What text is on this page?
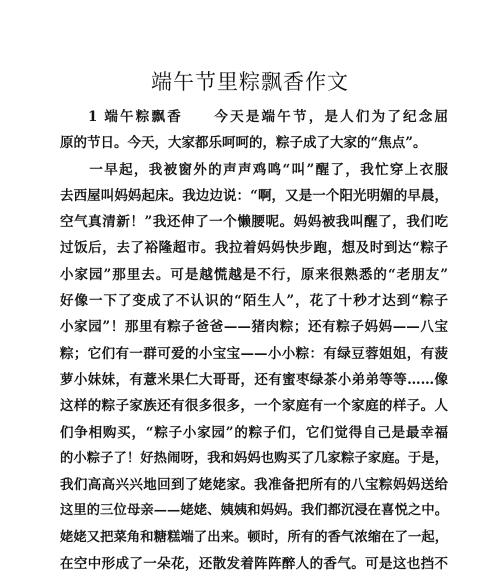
端午节里粽飘香作文
1 端午粽飘香　　今天是端午节，是人们为了纪念屈
原的节日。今天，大家都乐呵呵的，粽子成了大家的“焦点”。
一早起，我被窗外的声声鸡鸣“叫”醒了，我忙穿上衣服
去西屋叫妈妈起床。我边边说：“啊，又是一个阳光明媚的早晨，
空气真清新！”我还伸了一个懒腰呢。妈妈被我叫醒了，我们吃
过饭后，去了裕隆超市。我拉着妈妈快步跑，想及时到达“粽子
小家园”那里去。可是越慌越是不行，原来很熟悉的“老朋友”
好像一下了变成了不认识的“陌生人”，花了十秒才达到“粽子
小家园”！那里有粽子爸爸——猪肉粽；还有粽子妈妈——八宝
粽；它们有一群可爱的小宝宝——小小粽：有绿豆蓉姐姐，有菠
萝小妹妹，有薏米果仁大哥哥，还有蜜枣绿茶小弟弟等等……像
这样的粽子家族还有很多很多，一个家庭有一个家庭的样子。人
们争相购买，“粽子小家园”的粽子们，它们觉得自己是最幸福
的小粽子了！好热闹呀，我和妈妈也购买了几家粽子家庭。于是，
我们高高兴兴地回到了姥姥家。我准备把所有的八宝粽妈妈送给
这里的三位母亲——姥姥、姨姨和妈妈。我们都沉浸在喜悦之中。
姥姥又把菜角和糖糕端了出来。顿时，所有的香气浓缩在了一起，
在空中形成了一朵花，还散发着阵阵醉人的香气。可是这也挡不
